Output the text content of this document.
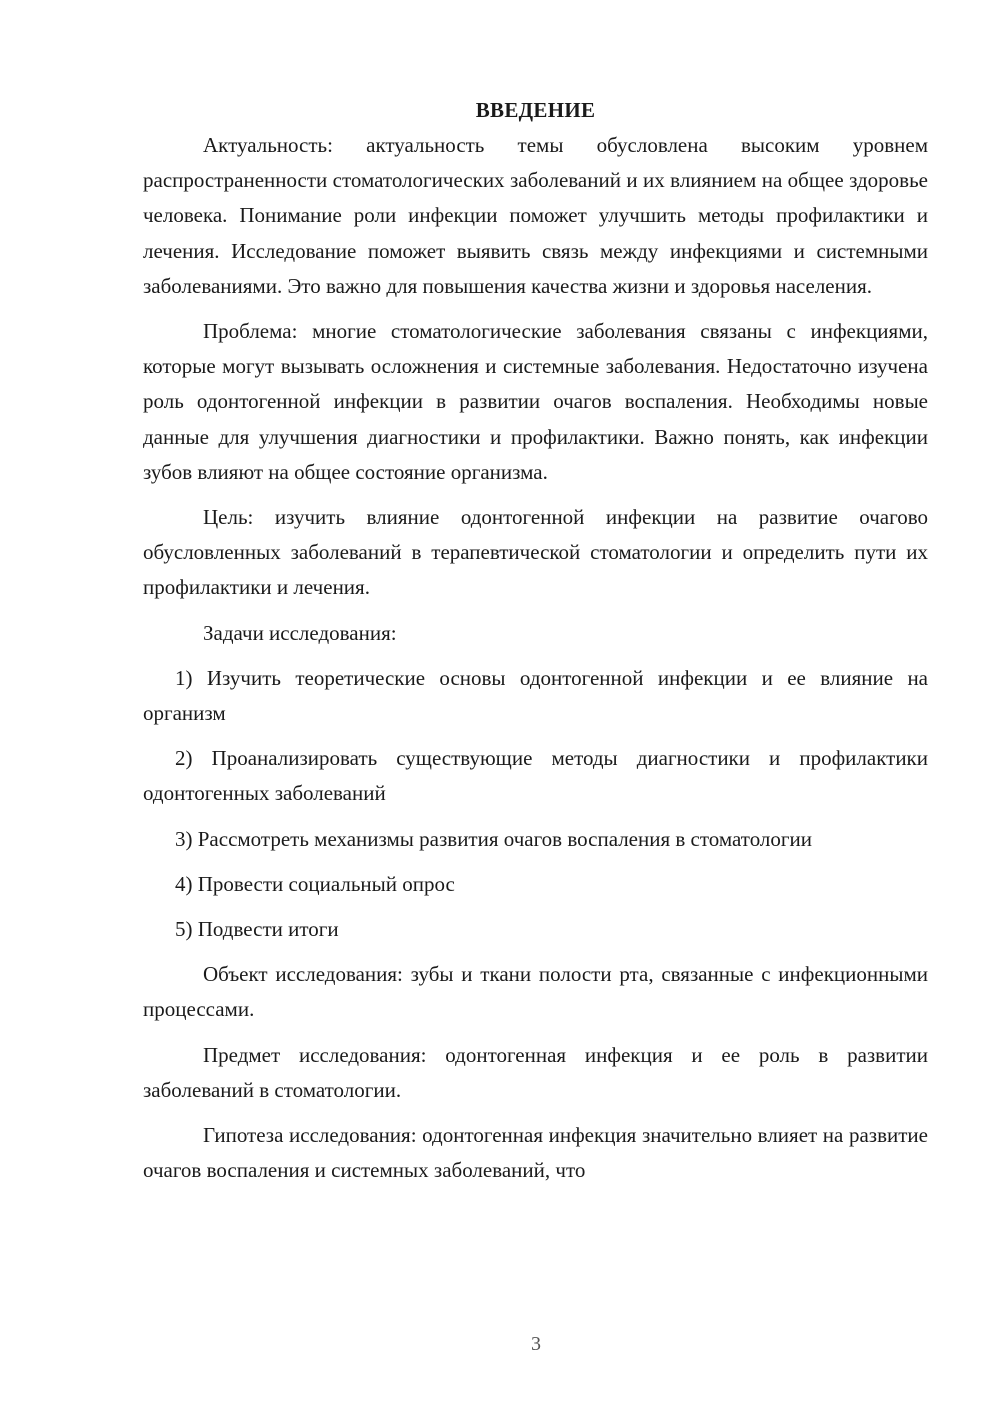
ВВЕДЕНИЕ

Актуальность: актуальность темы обусловлена высоким уровнем распространенности стоматологических заболеваний и их влиянием на общее здоровье человека. Понимание роли инфекции поможет улучшить методы профилактики и лечения. Исследование поможет выявить связь между инфекциями и системными заболеваниями. Это важно для повышения качества жизни и здоровья населения.

Проблема: многие стоматологические заболевания связаны с инфекциями, которые могут вызывать осложнения и системные заболевания. Недостаточно изучена роль одонтогенной инфекции в развитии очагов воспаления. Необходимы новые данные для улучшения диагностики и профилактики. Важно понять, как инфекции зубов влияют на общее состояние организма.

Цель: изучить влияние одонтогенной инфекции на развитие очагово обусловленных заболеваний в терапевтической стоматологии и определить пути их профилактики и лечения.

Задачи исследования:

1) Изучить теоретические основы одонтогенной инфекции и ее влияние на организм

2) Проанализировать существующие методы диагностики и профилактики одонтогенных заболеваний

3) Рассмотреть механизмы развития очагов воспаления в стоматологии

4) Провести социальный опрос

5) Подвести итоги

Объект исследования: зубы и ткани полости рта, связанные с инфекционными процессами.

Предмет исследования: одонтогенная инфекция и ее роль в развитии заболеваний в стоматологии.

Гипотеза исследования: одонтогенная инфекция значительно влияет на развитие очагов воспаления и системных заболеваний, что

3
